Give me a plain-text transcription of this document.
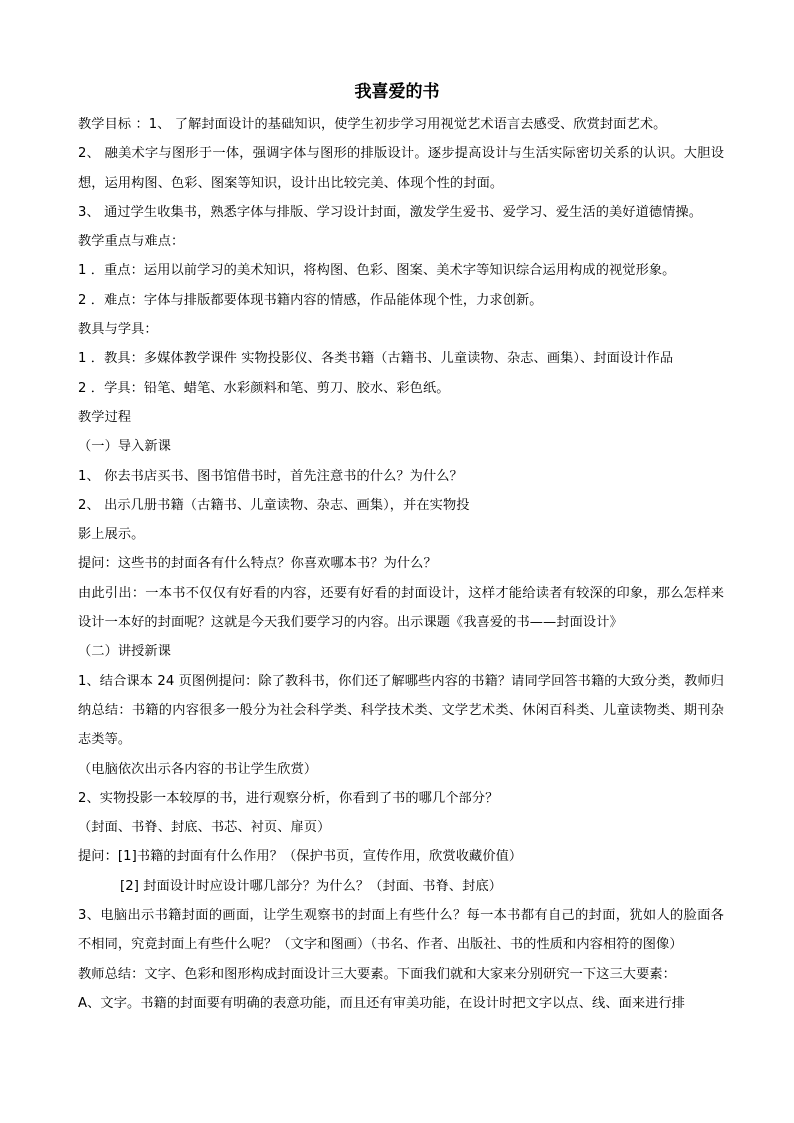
我喜爱的书
教学目标 ：1、 了解封面设计的基础知识，使学生初步学习用视觉艺术语言去感受、欣赏封面艺术。
2、 融美术字与图形于一体，强调字体与图形的排版设计。逐步提高设计与生活实际密切关系的认识。大胆设想，运用构图、色彩、图案等知识，设计出比较完美、体现个性的封面。
3、 通过学生收集书，熟悉字体与排版、学习设计封面，激发学生爱书、爱学习、爱生活的美好道德情操。
教学重点与难点：
1 ．重点：运用以前学习的美术知识，将构图、色彩、图案、美术字等知识综合运用构成的视觉形象。
2 ．难点：字体与排版都要体现书籍内容的情感，作品能体现个性，力求创新。
教具与学具：
1 ．教具：多媒体教学课件 实物投影仪、各类书籍（古籍书、儿童读物、杂志、画集）、封面设计作品
2 ．学具：铅笔、蜡笔、水彩颜料和笔、剪刀、胶水、彩色纸。
教学过程
（一）导入新课
1、 你去书店买书、图书馆借书时，首先注意书的什么？为什么？
2、 出示几册书籍（古籍书、儿童读物、杂志、画集），并在实物投
影上展示。
提问：这些书的封面各有什么特点？你喜欢哪本书？为什么？
由此引出：一本书不仅仅有好看的内容，还要有好看的封面设计，这样才能给读者有较深的印象，那么怎样来设计一本好的封面呢？这就是今天我们要学习的内容。出示课题《我喜爱的书——封面设计》
（二）讲授新课
1、结合课本 24 页图例提问：除了教科书，你们还了解哪些内容的书籍？请同学回答书籍的大致分类，教师归纳总结：书籍的内容很多一般分为社会科学类、科学技术类、文学艺术类、休闲百科类、儿童读物类、期刊杂志类等。
（电脑依次出示各内容的书让学生欣赏）
2、实物投影一本较厚的书，进行观察分析，你看到了书的哪几个部分？
（封面、书脊、封底、书芯、衬页、扉页）
提问：[1]书籍的封面有什么作用？（保护书页，宣传作用，欣赏收藏价值）
[2] 封面设计时应设计哪几部分？为什么？（封面、书脊、封底）
3、电脑出示书籍封面的画面，让学生观察书的封面上有些什么？每一本书都有自己的封面，犹如人的脸面各不相同，究竟封面上有些什么呢？（文字和图画）（书名、作者、出版社、书的性质和内容相符的图像）
教师总结：文字、色彩和图形构成封面设计三大要素。下面我们就和大家来分别研究一下这三大要素：
A、文字。书籍的封面要有明确的表意功能，而且还有审美功能，在设计时把文字以点、线、面来进行排
